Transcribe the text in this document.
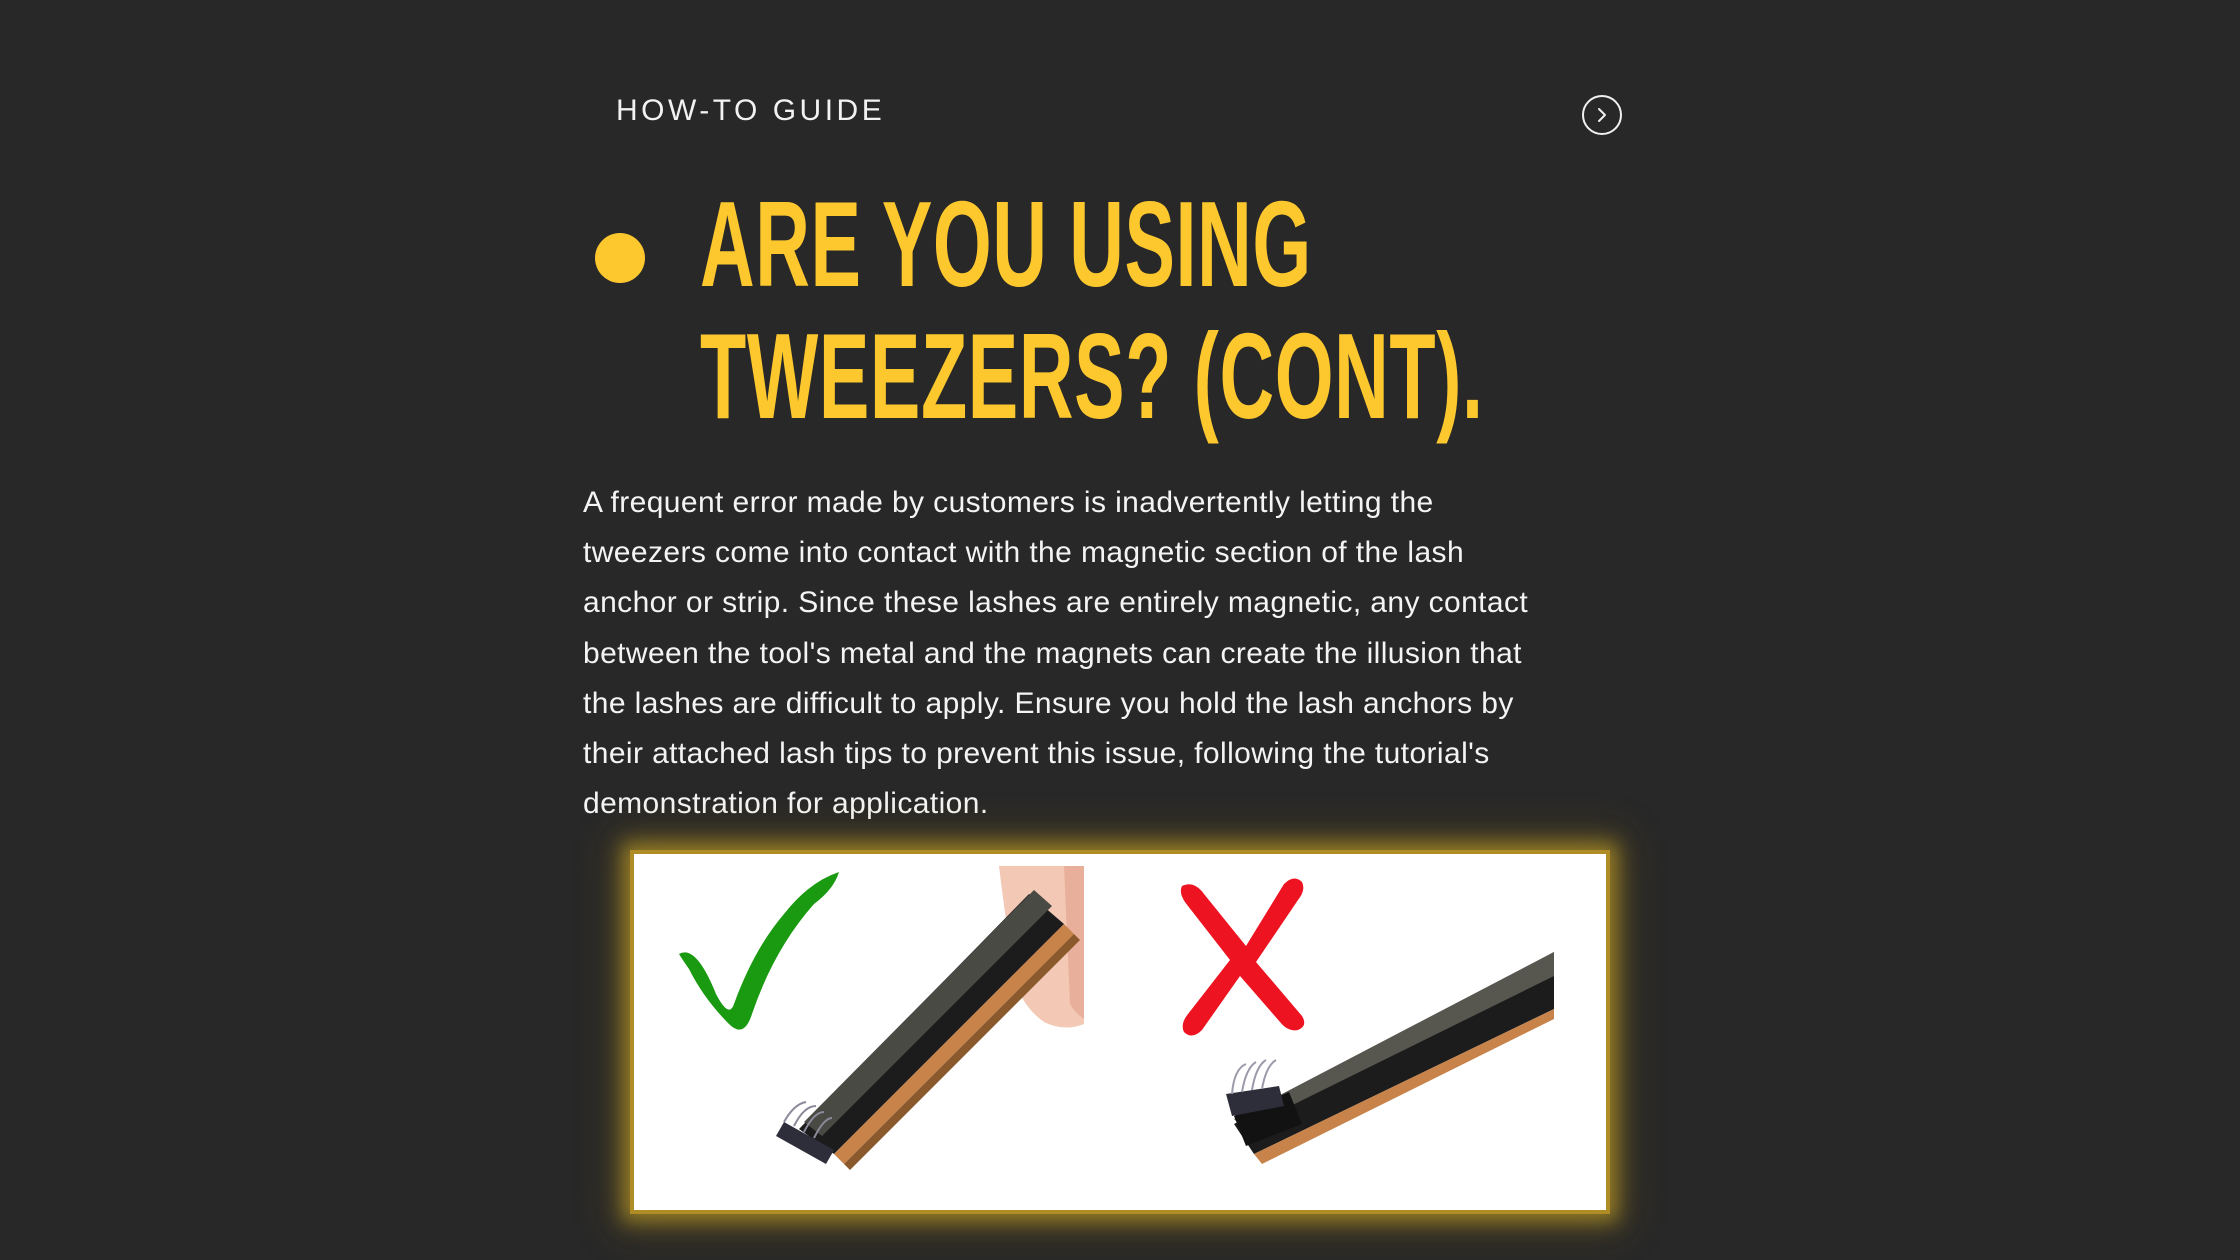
HOW-TO GUIDE
ARE YOU USING
TWEEZERS? (CONT).
A frequent error made by customers is inadvertently letting the
tweezers come into contact with the magnetic section of the lash
anchor or strip. Since these lashes are entirely magnetic, any contact
between the tool's metal and the magnets can create the illusion that
the lashes are difficult to apply. Ensure you hold the lash anchors by
their attached lash tips to prevent this issue, following the tutorial's
demonstration for application.
